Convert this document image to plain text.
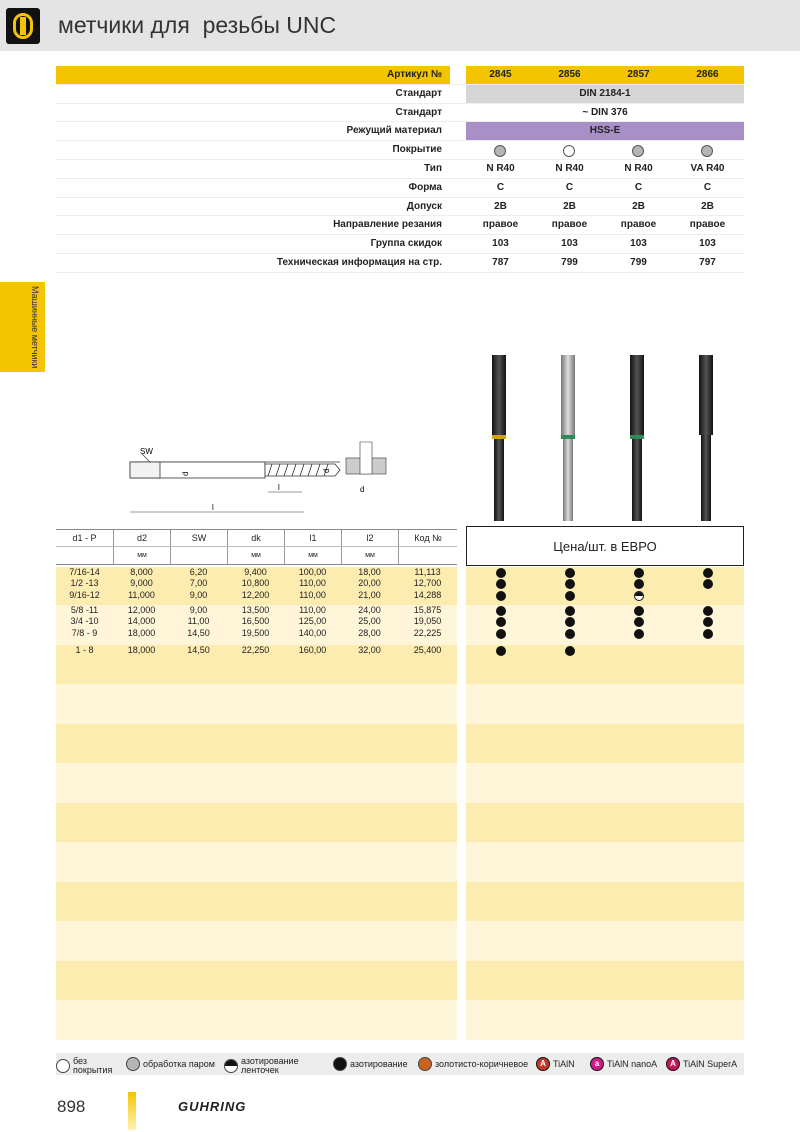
метчики для  резьбы UNC
Машинные метчики
Артикул №	2845	2856	2857	2866
Стандарт	DIN 2184-1
Стандарт	~ DIN 376
Режущий материал	HSS-E
Покрытие
Тип	N R40	N R40	N R40	VA R40
Форма	C	C	C	C
Допуск	2B	2B	2B	2B
Направление резания	правое	правое	правое	правое
Группа скидок	103	103	103	103
Техническая информация на стр.	787	799	799	797
SW
d
l
l
d
d
d1 - P	d2	SW	dk	l1	l2	Код №
мм	мм	мм	мм
Цена/шт. в ЕВРО
7/16-14	8,000	6,20	9,400	100,00	18,00	11,113
1/2 -13	9,000	7,00	10,800	110,00	20,00	12,700
9/16-12	11,000	9,00	12,200	110,00	21,00	14,288
5/8 -11	12,000	9,00	13,500	110,00	24,00	15,875
3/4 -10	14,000	11,00	16,500	125,00	25,00	19,050
7/8 - 9	18,000	14,50	19,500	140,00	28,00	22,225
1 - 8	18,000	14,50	22,250	160,00	32,00	25,400
без
покрытия
обработка паром	азотирование
ленточек
азотирование	золотисто-коричневое	A TiAlN	a TiAlN nanoA	A TiAlN SuperA
898	GUHRING
